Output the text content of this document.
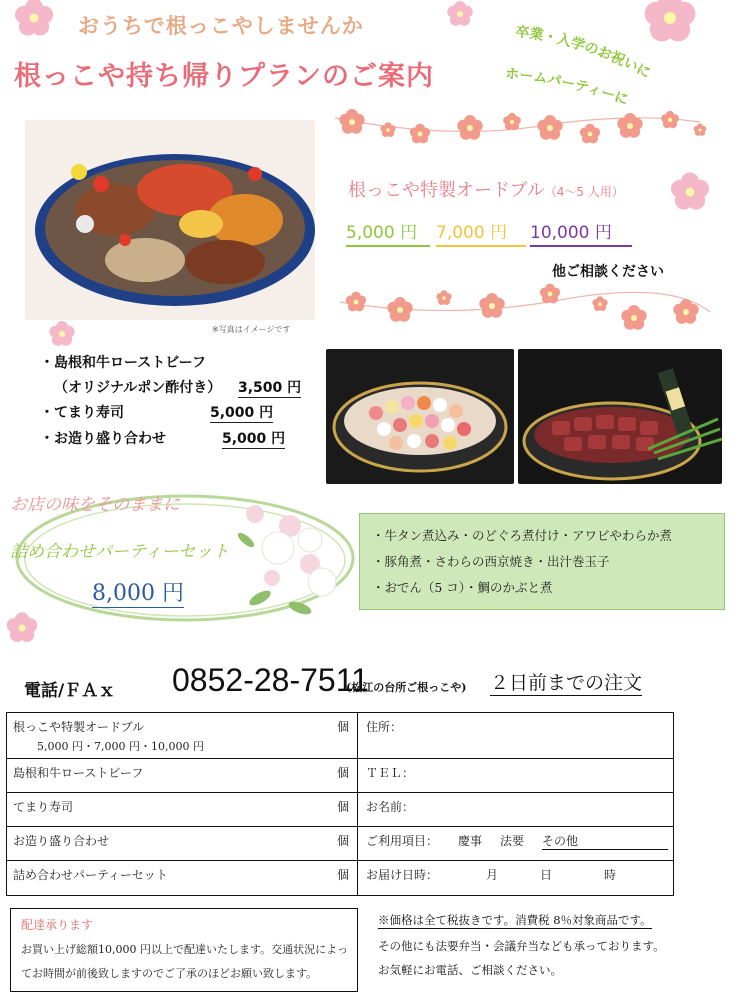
おうちで根っこやしませんか
根っこや持ち帰りプランのご案内
卒業・入学のお祝いに
ホームパーティーに
※写真はイメージです
根っこや特製オードブル（4～5 人用）
5,000 円	7,000 円	10,000 円
他ご相談ください
・島根和牛ローストビーフ
（オリジナルポン酢付き） 3,500 円
・てまり寿司	5,000 円
・お造り盛り合わせ	5,000 円
お店の味をそのままに
詰め合わせパーティーセット
8,000 円
・牛タン煮込み・のどぐろ煮付け・アワビやわらか煮
・豚角煮・さわらの西京焼き・出汁巻玉子
・おでん（5 コ）・鯛のかぶと煮
電話/ＦＡｘ 0852-28-7511
(松江の台所ご根っこや) ２日前までの注文
根っこや特製オードブル
5,000 円・7,000 円・10,000 円
個
島根和牛ローストビーフ	個
てまり寿司	個
お造り盛り合わせ	個
詰め合わせパーティーセット	個
住所：
ＴＥＬ：
お名前：
ご利用項目： 慶事 法要 その他
お届け日時：	月	日	時
配達承ります
お買い上げ総額10,000 円以上で配達いたします。交通状況によっ
てお時間が前後致しますのでご了承のほどお願い致します。
※価格は全て税抜きです。消費税 8％対象商品です。
その他にも法要弁当・会議弁当なども承っております。
お気軽にお電話、ご相談ください。
